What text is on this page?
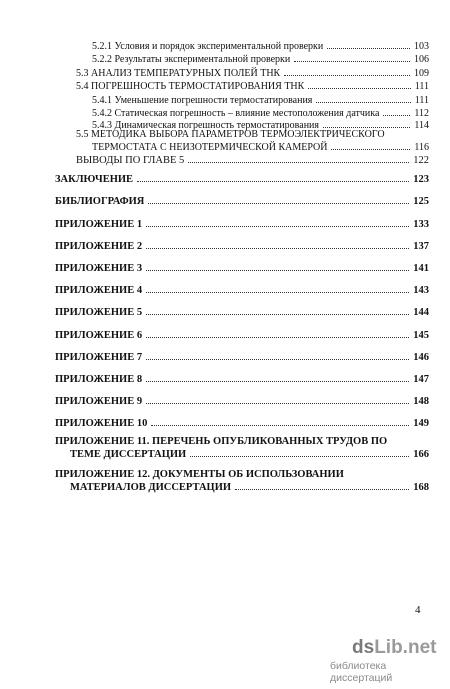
5.2.1 Условия и порядок экспериментальной проверки	103
5.2.2 Результаты экспериментальной проверки	106
5.3 АНАЛИЗ ТЕМПЕРАТУРНЫХ ПОЛЕЙ ТНК	109
5.4 ПОГРЕШНОСТЬ ТЕРМОСТАТИРОВАНИЯ ТНК	111
5.4.1 Уменьшение погрешности термостатирования	111
5.4.2 Статическая погрешность – влияние местоположения датчика	112
5.4.3 Динамическая погрешность термостатирования	114
5.5 МЕТОДИКА ВЫБОРА ПАРАМЕТРОВ ТЕРМОЭЛЕКТРИЧЕСКОГО
ТЕРМОСТАТА С НЕИЗОТЕРМИЧЕСКОЙ КАМЕРОЙ	116
ВЫВОДЫ ПО ГЛАВЕ 5	122
ЗАКЛЮЧЕНИЕ	123
БИБЛИОГРАФИЯ	125
ПРИЛОЖЕНИЕ 1	133
ПРИЛОЖЕНИЕ 2	137
ПРИЛОЖЕНИЕ 3	141
ПРИЛОЖЕНИЕ 4	143
ПРИЛОЖЕНИЕ 5	144
ПРИЛОЖЕНИЕ 6	145
ПРИЛОЖЕНИЕ 7	146
ПРИЛОЖЕНИЕ 8	147
ПРИЛОЖЕНИЕ 9	148
ПРИЛОЖЕНИЕ 10	149
ПРИЛОЖЕНИЕ 11. ПЕРЕЧЕНЬ ОПУБЛИКОВАННЫХ ТРУДОВ ПО
ТЕМЕ ДИССЕРТАЦИИ	166
ПРИЛОЖЕНИЕ 12. ДОКУМЕНТЫ ОБ ИСПОЛЬЗОВАНИИ
МАТЕРИАЛОВ ДИССЕРТАЦИИ	168
4
dsLib.net
библиотека диссертаций
